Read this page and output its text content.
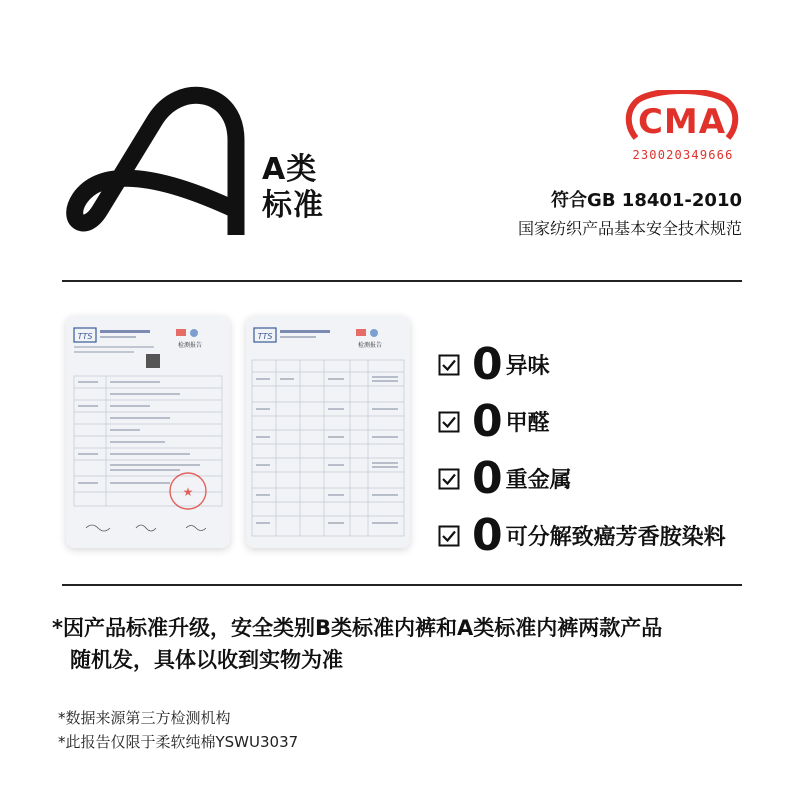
A类
标准
CMA
230020349666
符合GB 18401-2010
国家纺织产品基本安全技术规范
TTS
检测报告
★
TTS
检测报告 0 异味
0 甲醛
0 重金属
0 可分解致癌芳香胺染料
*因产品标准升级，安全类别B类标准内裤和A类标准内裤两款产品
随机发，具体以收到实物为准
*数据来源第三方检测机构
*此报告仅限于柔软纯棉YSWU3037
